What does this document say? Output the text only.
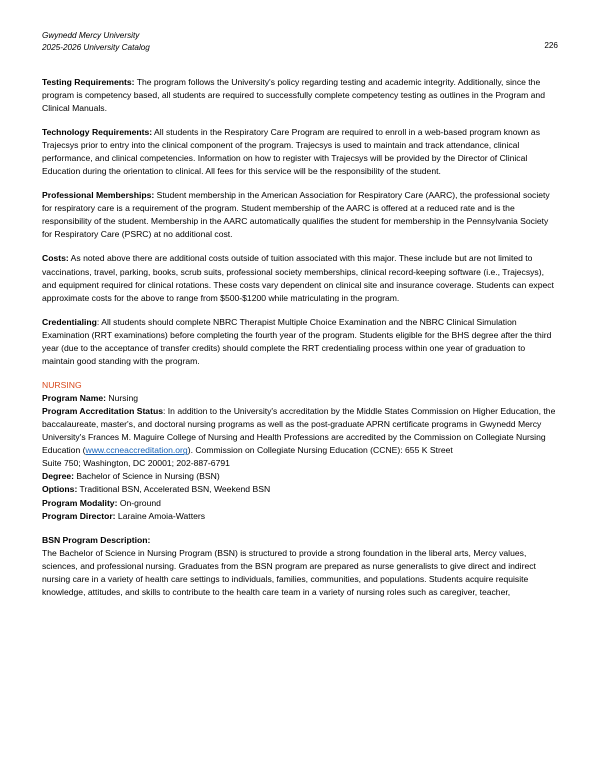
Gwynedd Mercy University
2025-2026 University Catalog	226

Testing Requirements: The program follows the University's policy regarding testing and academic integrity. Additionally, since the program is competency based, all students are required to successfully complete competency testing as outlines in the Program and Clinical Manuals.

Technology Requirements: All students in the Respiratory Care Program are required to enroll in a web-based program known as Trajecsys prior to entry into the clinical component of the program. Trajecsys is used to maintain and track attendance, clinical performance, and clinical competencies. Information on how to register with Trajecsys will be provided by the Director of Clinical Education during the orientation to clinical. All fees for this service will be the responsibility of the student.

Professional Memberships: Student membership in the American Association for Respiratory Care (AARC), the professional society for respiratory care is a requirement of the program. Student membership of the AARC is offered at a reduced rate and is the responsibility of the student. Membership in the AARC automatically qualifies the student for membership in the Pennsylvania Society for Respiratory Care (PSRC) at no additional cost.

Costs: As noted above there are additional costs outside of tuition associated with this major. These include but are not limited to vaccinations, travel, parking, books, scrub suits, professional society memberships, clinical record-keeping software (i.e., Trajecsys), and equipment required for clinical rotations. These costs vary dependent on clinical site and insurance coverage. Students can expect approximate costs for the above to range from $500-$1200 while matriculating in the program.

Credentialing: All students should complete NBRC Therapist Multiple Choice Examination and the NBRC Clinical Simulation Examination (RRT examinations) before completing the fourth year of the program. Students eligible for the BHS degree after the third year (due to the acceptance of transfer credits) should complete the RRT credentialing process within one year of graduation to maintain good standing with the program.

NURSING

Program Name: Nursing

Program Accreditation Status: In addition to the University's accreditation by the Middle States Commission on Higher Education, the baccalaureate, master's, and doctoral nursing programs as well as the post-graduate APRN certificate programs in Gwynedd Mercy University's Frances M. Maguire College of Nursing and Health Professions are accredited by the Commission on Collegiate Nursing Education (www.ccneaccreditation.org). Commission on Collegiate Nursing Education (CCNE): 655 K Street

Suite 750; Washington, DC 20001; 202-887-6791

Degree: Bachelor of Science in Nursing (BSN)

Options: Traditional BSN, Accelerated BSN, Weekend BSN

Program Modality: On-ground

Program Director: Laraine Amoia-Watters

BSN Program Description:

The Bachelor of Science in Nursing Program (BSN) is structured to provide a strong foundation in the liberal arts, Mercy values, sciences, and professional nursing. Graduates from the BSN program are prepared as nurse generalists to give direct and indirect nursing care in a variety of health care settings to individuals, families, communities, and populations. Students acquire requisite knowledge, attitudes, and skills to contribute to the health care team in a variety of nursing roles such as caregiver, teacher,
